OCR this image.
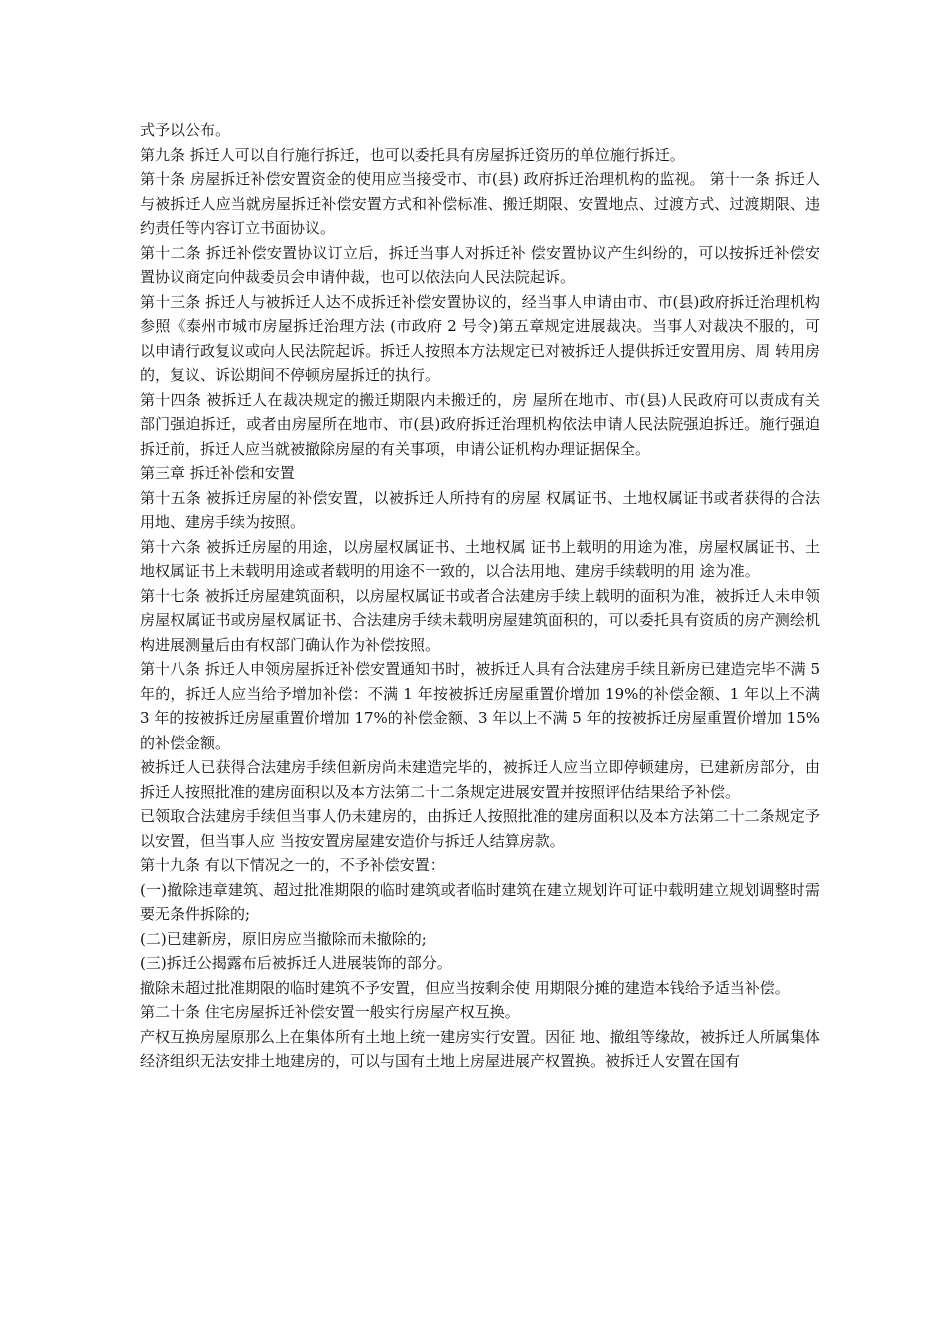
式予以公布。

第九条 拆迁人可以自行施行拆迁，也可以委托具有房屋拆迁资历的单位施行拆迁。

第十条 房屋拆迁补偿安置资金的使用应当接受市、市(县) 政府拆迁治理机构的监视。 第十一条 拆迁人与被拆迁人应当就房屋拆迁补偿安置方式和补偿标准、搬迁期限、安置地点、过渡方式、过渡期限、违约责任等内容订立书面协议。

第十二条 拆迁补偿安置协议订立后，拆迁当事人对拆迁补 偿安置协议产生纠纷的，可以按拆迁补偿安置协议商定向仲裁委员会申请仲裁，也可以依法向人民法院起诉。

第十三条 拆迁人与被拆迁人达不成拆迁补偿安置协议的，经当事人申请由市、市(县)政府拆迁治理机构参照《泰州市城市房屋拆迁治理方法 (市政府 2 号令)第五章规定进展裁决。当事人对裁决不服的，可以申请行政复议或向人民法院起诉。拆迁人按照本方法规定已对被拆迁人提供拆迁安置用房、周 转用房的，复议、诉讼期间不停顿房屋拆迁的执行。

第十四条 被拆迁人在裁决规定的搬迁期限内未搬迁的，房 屋所在地市、市(县)人民政府可以责成有关部门强迫拆迁，或者由房屋所在地市、市(县)政府拆迁治理机构依法申请人民法院强迫拆迁。施行强迫拆迁前，拆迁人应当就被撤除房屋的有关事项，申请公证机构办理证据保全。

第三章 拆迁补偿和安置

第十五条 被拆迁房屋的补偿安置，以被拆迁人所持有的房屋 权属证书、土地权属证书或者获得的合法用地、建房手续为按照。

第十六条 被拆迁房屋的用途，以房屋权属证书、土地权属 证书上载明的用途为准，房屋权属证书、土地权属证书上未载明用途或者载明的用途不一致的，以合法用地、建房手续载明的用 途为准。

第十七条 被拆迁房屋建筑面积，以房屋权属证书或者合法建房手续上载明的面积为准，被拆迁人未申领房屋权属证书或房屋权属证书、合法建房手续未载明房屋建筑面积的，可以委托具有资质的房产测绘机构进展测量后由有权部门确认作为补偿按照。

第十八条 拆迁人申领房屋拆迁补偿安置通知书时，被拆迁人具有合法建房手续且新房已建造完毕不满 5 年的，拆迁人应当给予增加补偿：不满 1 年按被拆迁房屋重置价增加 19%的补偿金额、1 年以上不满 3 年的按被拆迁房屋重置价增加 17%的补偿金额、3 年以上不满 5 年的按被拆迁房屋重置价增加 15%的补偿金额。

被拆迁人已获得合法建房手续但新房尚未建造完毕的，被拆迁人应当立即停顿建房，已建新房部分，由拆迁人按照批准的建房面积以及本方法第二十二条规定进展安置并按照评估结果给予补偿。

已领取合法建房手续但当事人仍未建房的，由拆迁人按照批准的建房面积以及本方法第二十二条规定予以安置，但当事人应 当按安置房屋建安造价与拆迁人结算房款。

第十九条 有以下情况之一的，不予补偿安置：

(一)撤除违章建筑、超过批准期限的临时建筑或者临时建筑在建立规划许可证中载明建立规划调整时需要无条件拆除的;

(二)已建新房，原旧房应当撤除而未撤除的;

(三)拆迁公揭露布后被拆迁人进展装饰的部分。

撤除未超过批准期限的临时建筑不予安置，但应当按剩余使 用期限分摊的建造本钱给予适当补偿。

第二十条 住宅房屋拆迁补偿安置一般实行房屋产权互换。

产权互换房屋原那么上在集体所有土地上统一建房实行安置。因征 地、撤组等缘故，被拆迁人所属集体经济组织无法安排土地建房的，可以与国有土地上房屋进展产权置换。被拆迁人安置在国有
